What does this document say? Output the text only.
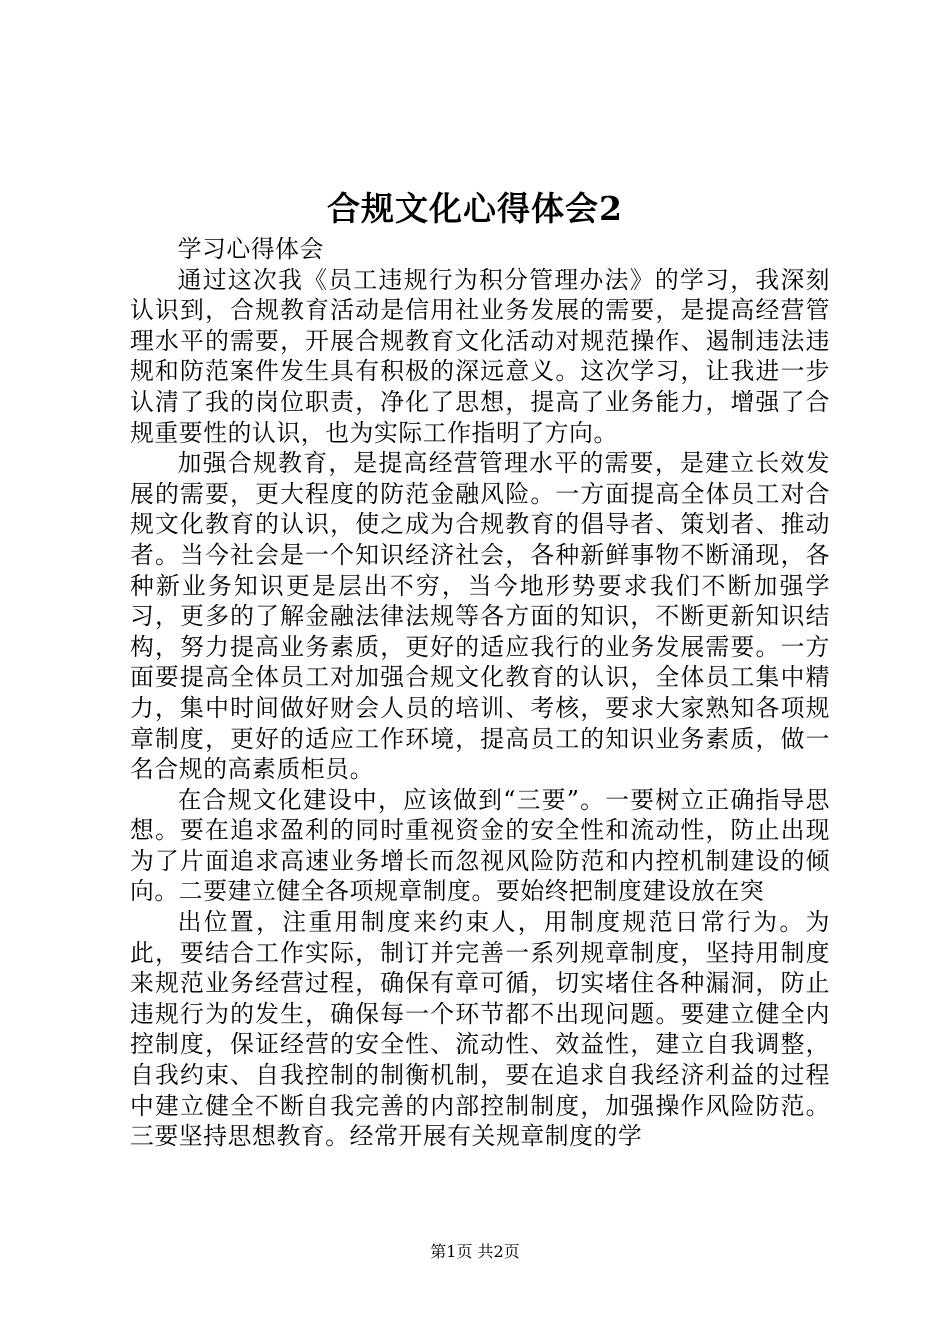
合规文化心得体会2

学习心得体会

通过这次我《员工违规行为积分管理办法》的学习，我深刻认识到，合规教育活动是信用社业务发展的需要，是提高经营管理水平的需要，开展合规教育文化活动对规范操作、遏制违法违规和防范案件发生具有积极的深远意义。这次学习，让我进一步认清了我的岗位职责，净化了思想，提高了业务能力，增强了合规重要性的认识，也为实际工作指明了方向。

加强合规教育，是提高经营管理水平的需要，是建立长效发展的需要，更大程度的防范金融风险。一方面提高全体员工对合规文化教育的认识，使之成为合规教育的倡导者、策划者、推动者。当今社会是一个知识经济社会，各种新鲜事物不断涌现，各种新业务知识更是层出不穷，当今地形势要求我们不断加强学习，更多的了解金融法律法规等各方面的知识，不断更新知识结构，努力提高业务素质，更好的适应我行的业务发展需要。一方面要提高全体员工对加强合规文化教育的认识，全体员工集中精力，集中时间做好财会人员的培训、考核，要求大家熟知各项规章制度，更好的适应工作环境，提高员工的知识业务素质，做一名合规的高素质柜员。

在合规文化建设中，应该做到“三要”。一要树立正确指导思想。要在追求盈利的同时重视资金的安全性和流动性，防止出现为了片面追求高速业务增长而忽视风险防范和内控机制建设的倾向。二要建立健全各项规章制度。要始终把制度建设放在突

出位置，注重用制度来约束人，用制度规范日常行为。为此，要结合工作实际，制订并完善一系列规章制度，坚持用制度来规范业务经营过程，确保有章可循，切实堵住各种漏洞，防止违规行为的发生，确保每一个环节都不出现问题。要建立健全内控制度，保证经营的安全性、流动性、效益性，建立自我调整，自我约束、自我控制的制衡机制，要在追求自我经济利益的过程中建立健全不断自我完善的内部控制制度，加强操作风险防范。三要坚持思想教育。经常开展有关规章制度的学

第1页 共2页
